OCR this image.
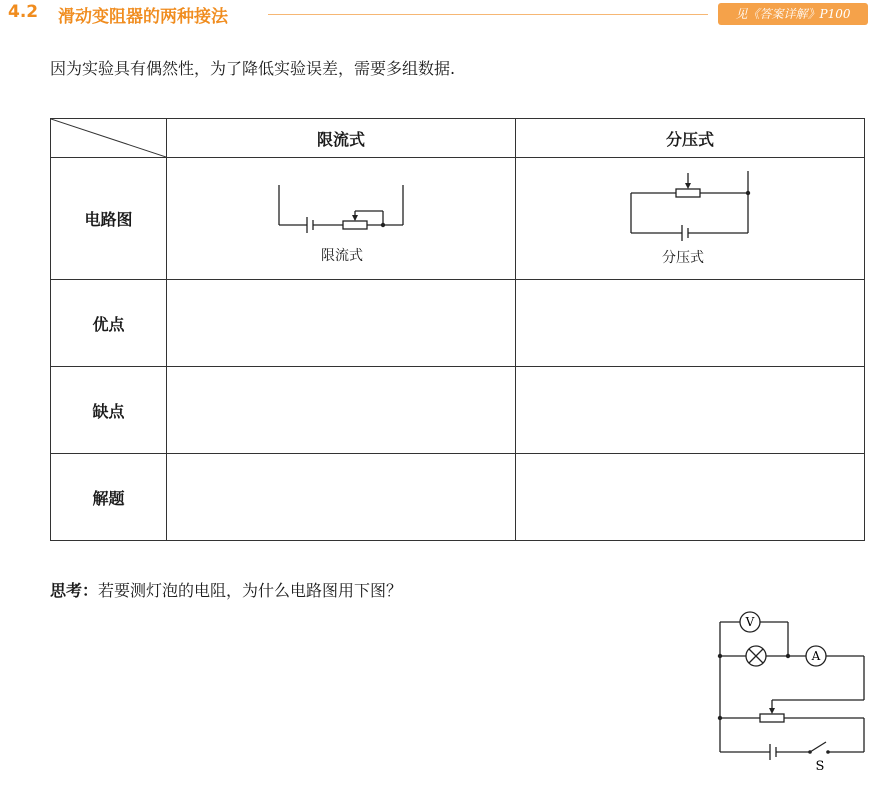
4.2 滑动变阻器的两种接法	见《答案详解》P100
因为实验具有偶然性，为了降低实验误差，需要多组数据.
	限流式	分压式
电路图	限流式	分压式

优点		
缺点		
解题		
思考：若要测灯泡的电阻，为什么电路图用下图？
V
A
S
